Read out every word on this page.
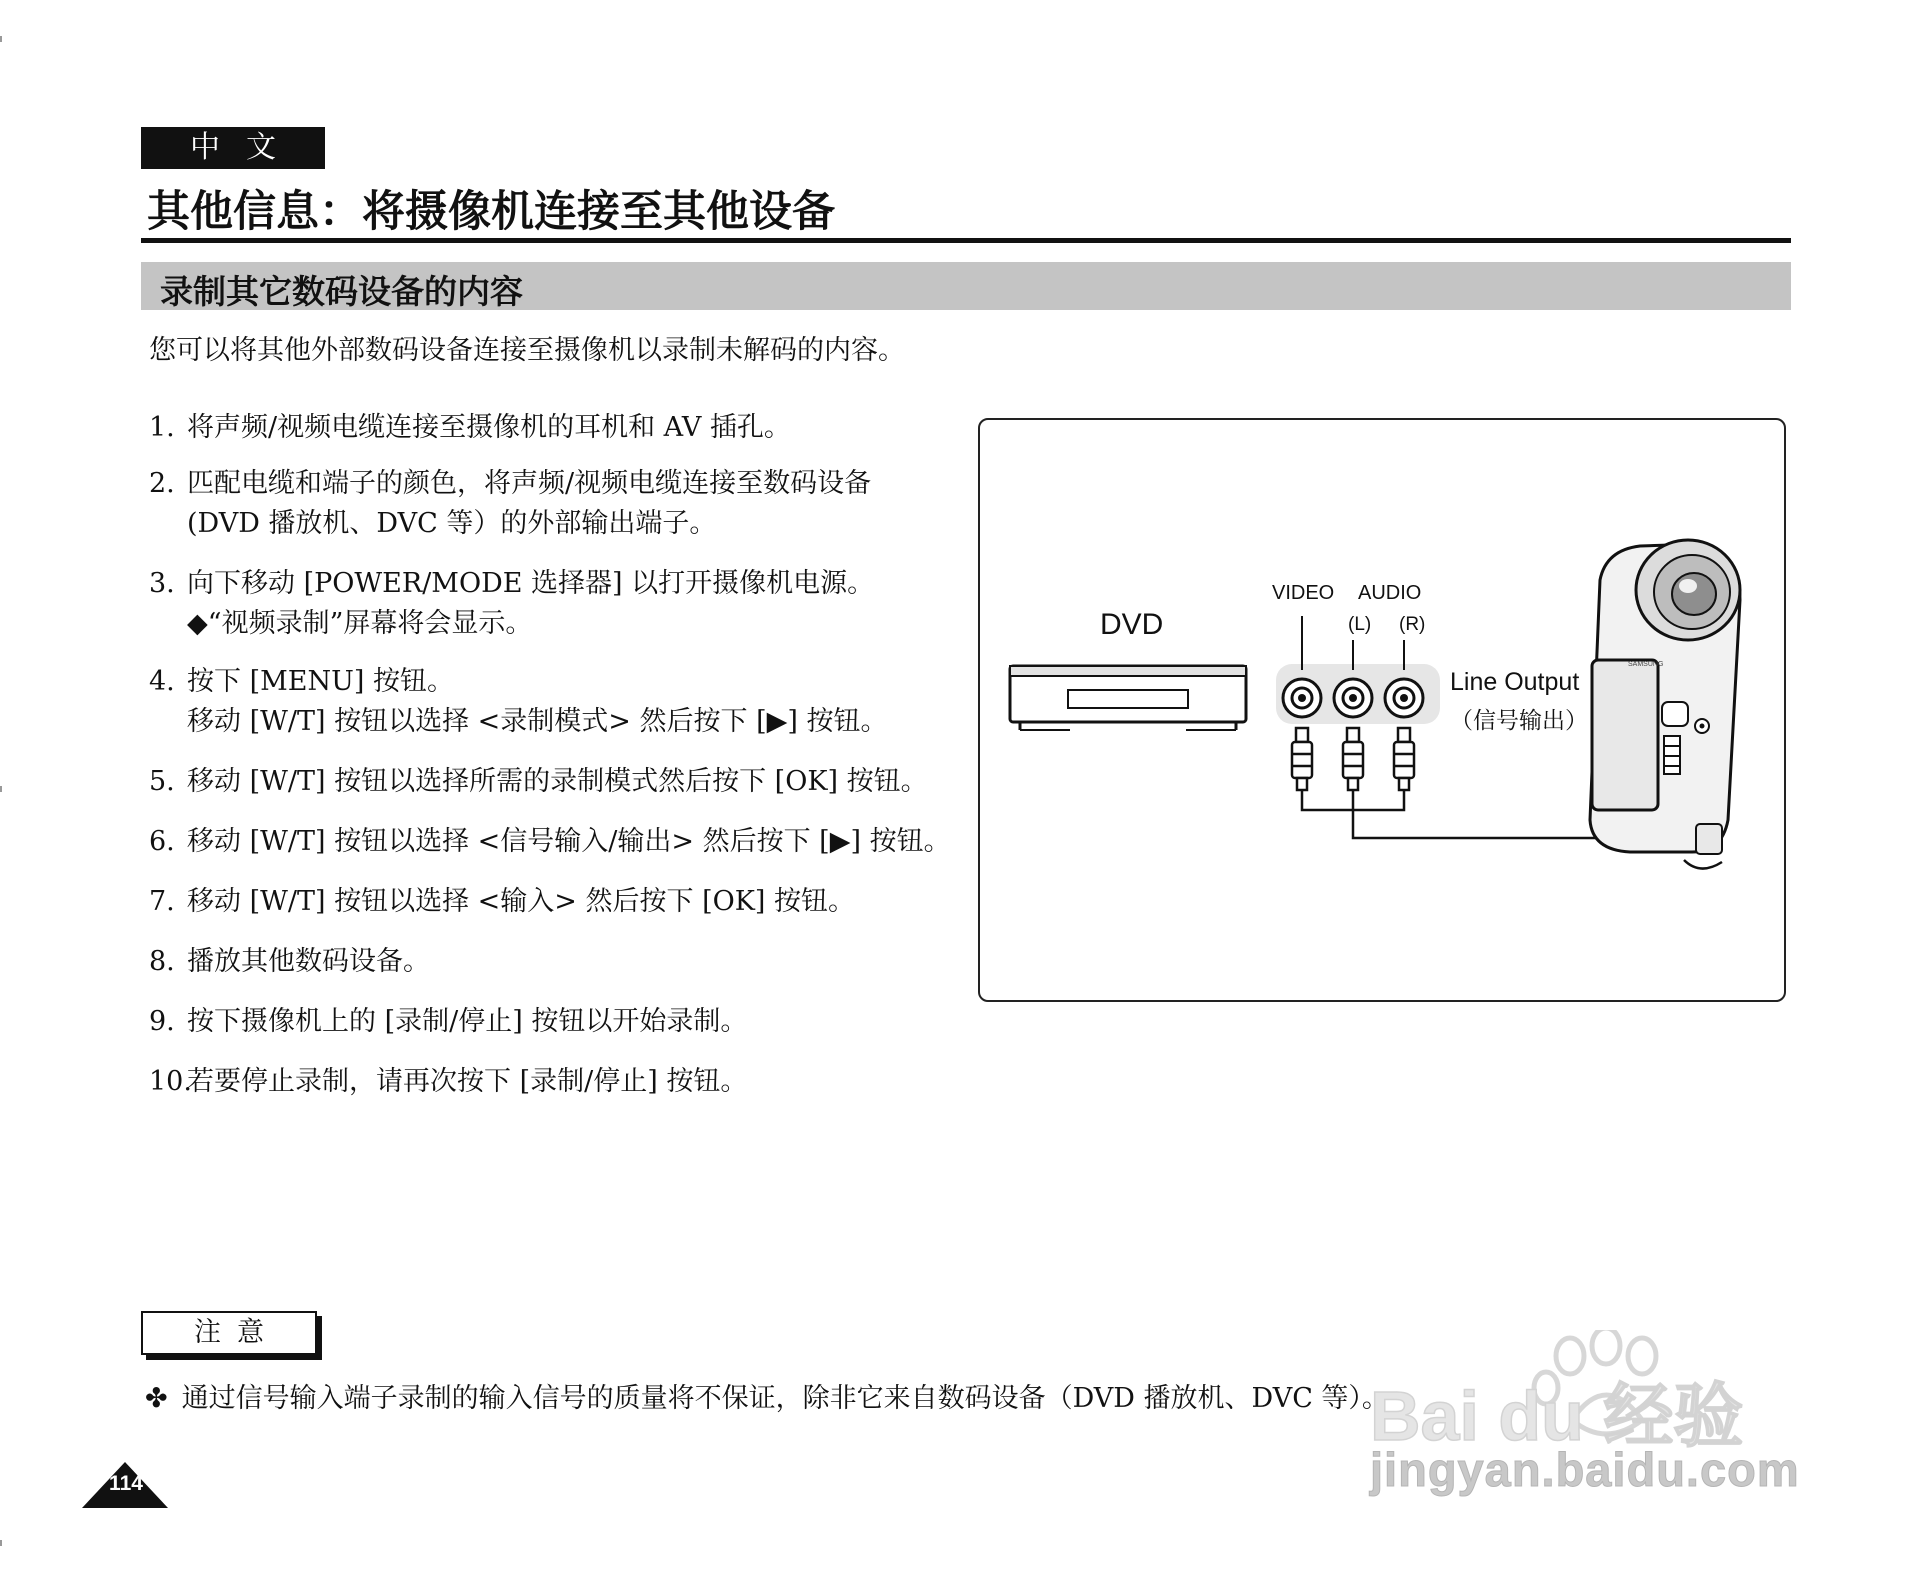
中文
其他信息：将摄像机连接至其他设备
录制其它数码设备的内容
您可以将其他外部数码设备连接至摄像机以录制未解码的内容。
1. 将声频/视频电缆连接至摄像机的耳机和 AV 插孔。
2. 匹配电缆和端子的颜色，将声频/视频电缆连接至数码设备
(DVD 播放机、DVC 等）的外部输出端子。
3. 向下移动 [POWER/MODE 选择器] 以打开摄像机电源。
◆“视频录制”屏幕将会显示。
4. 按下 [MENU] 按钮。
移动 [W/T] 按钮以选择 <录制模式> 然后按下 [▶] 按钮。
5. 移动 [W/T] 按钮以选择所需的录制模式然后按下 [OK] 按钮。
6. 移动 [W/T] 按钮以选择 <信号输入/输出> 然后按下 [▶] 按钮。
7. 移动 [W/T] 按钮以选择 <输入> 然后按下 [OK] 按钮。
8. 播放其他数码设备。
9. 按下摄像机上的 [录制/停止] 按钮以开始录制。
10.若要停止录制，请再次按下 [录制/停止] 按钮。
SAMSUNG
DVD
VIDEO AUDIO
(L) (R)
Line Output
（信号输出）
注意
✤ 通过信号输入端子录制的输入信号的质量将不保证，除非它来自数码设备（DVD 播放机、DVC 等）。
114
Bai du 经验
jingyan.baidu.com
